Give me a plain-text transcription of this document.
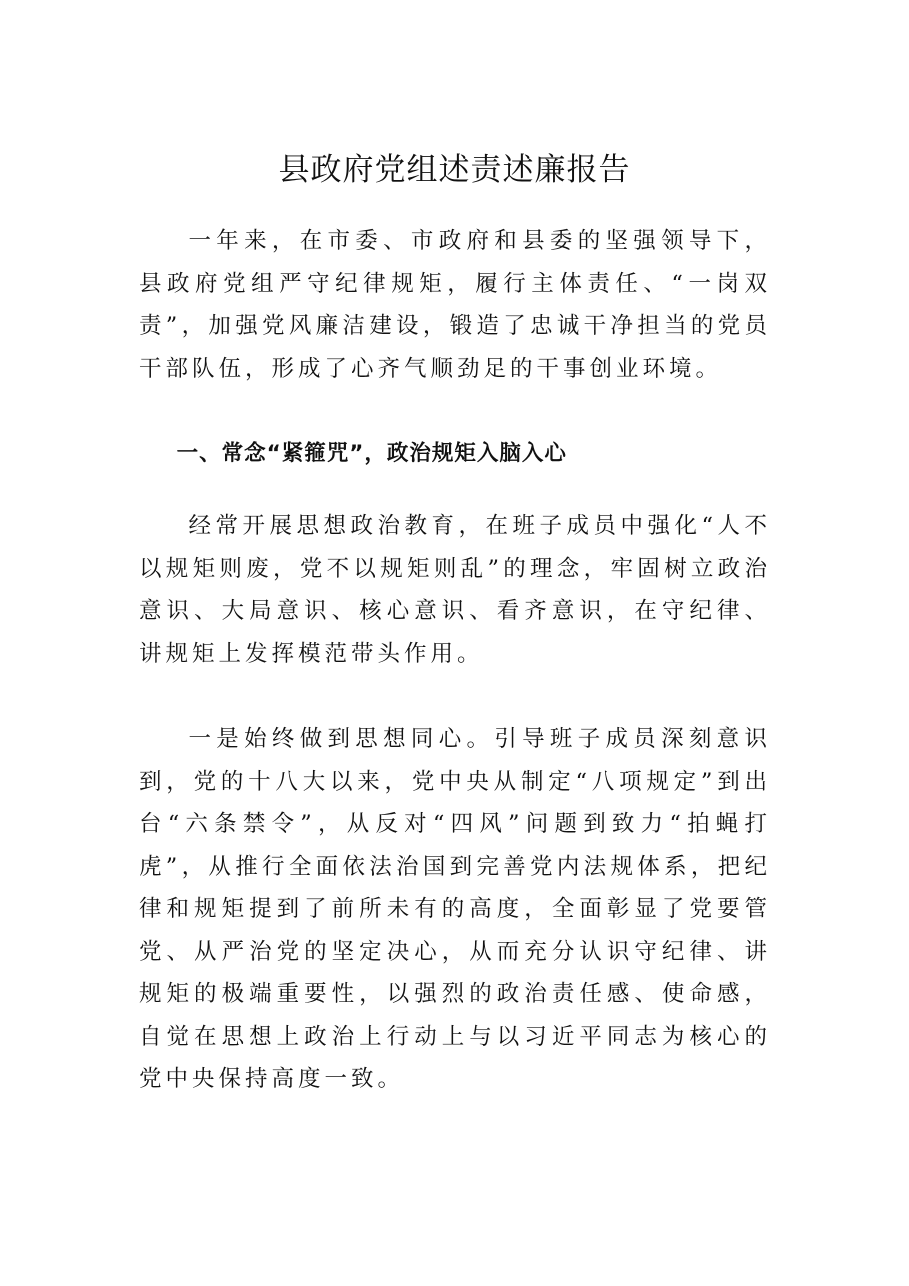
县政府党组述责述廉报告

一年来，在市委、市政府和县委的坚强领导下，县政府党组严守纪律规矩，履行主体责任、“一岗双责”，加强党风廉洁建设，锻造了忠诚干净担当的党员干部队伍，形成了心齐气顺劲足的干事创业环境。

一、常念“紧箍咒”，政治规矩入脑入心

经常开展思想政治教育，在班子成员中强化“人不以规矩则废，党不以规矩则乱”的理念，牢固树立政治意识、大局意识、核心意识、看齐意识，在守纪律、讲规矩上发挥模范带头作用。

一是始终做到思想同心。引导班子成员深刻意识到，党的十八大以来，党中央从制定“八项规定”到出台“六条禁令”，从反对“四风”问题到致力“拍蝇打虎”，从推行全面依法治国到完善党内法规体系，把纪律和规矩提到了前所未有的高度，全面彰显了党要管党、从严治党的坚定决心，从而充分认识守纪律、讲规矩的极端重要性，以强烈的政治责任感、使命感，自觉在思想上政治上行动上与以习近平同志为核心的党中央保持高度一致。
